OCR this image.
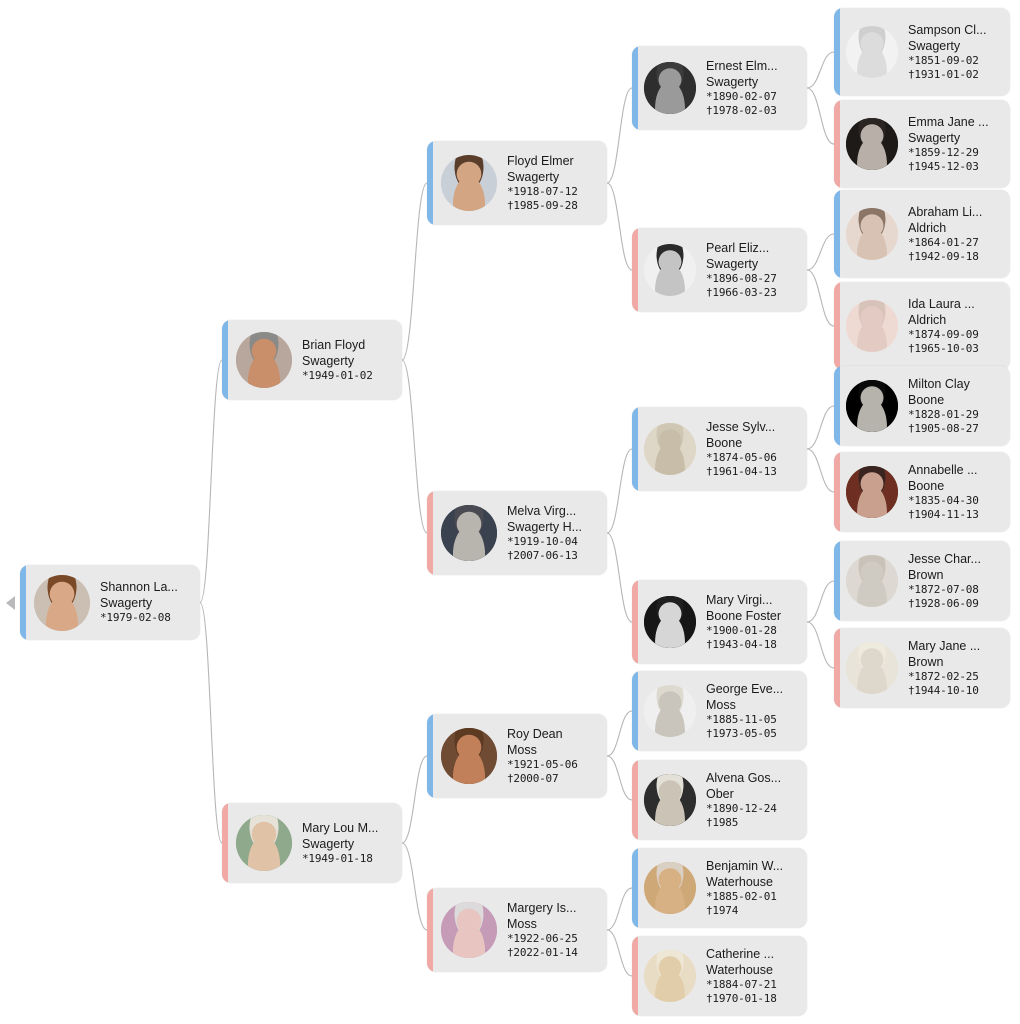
Shannon La...
Swagerty
*1979-02-08
Brian Floyd
Swagerty
*1949-01-02
Mary Lou M...
Swagerty
*1949-01-18
Floyd Elmer
Swagerty
*1918-07-12
†1985-09-28
Melva Virg...
Swagerty H...
*1919-10-04
†2007-06-13
Roy Dean
Moss
*1921-05-06
†2000-07
Margery Is...
Moss
*1922-06-25
†2022-01-14
Ernest Elm...
Swagerty
*1890-02-07
†1978-02-03
Pearl Eliz...
Swagerty
*1896-08-27
†1966-03-23
Jesse Sylv...
Boone
*1874-05-06
†1961-04-13
Mary Virgi...
Boone Foster
*1900-01-28
†1943-04-18
George Eve...
Moss
*1885-11-05
†1973-05-05
Alvena Gos...
Ober
*1890-12-24
†1985
Benjamin W...
Waterhouse
*1885-02-01
†1974
Catherine ...
Waterhouse
*1884-07-21
†1970-01-18
Sampson Cl...
Swagerty
*1851-09-02
†1931-01-02
Emma Jane ...
Swagerty
*1859-12-29
†1945-12-03
Abraham Li...
Aldrich
*1864-01-27
†1942-09-18
Ida Laura ...
Aldrich
*1874-09-09
†1965-10-03
Milton Clay
Boone
*1828-01-29
†1905-08-27
Annabelle ...
Boone
*1835-04-30
†1904-11-13
Jesse Char...
Brown
*1872-07-08
†1928-06-09
Mary Jane ...
Brown
*1872-02-25
†1944-10-10
